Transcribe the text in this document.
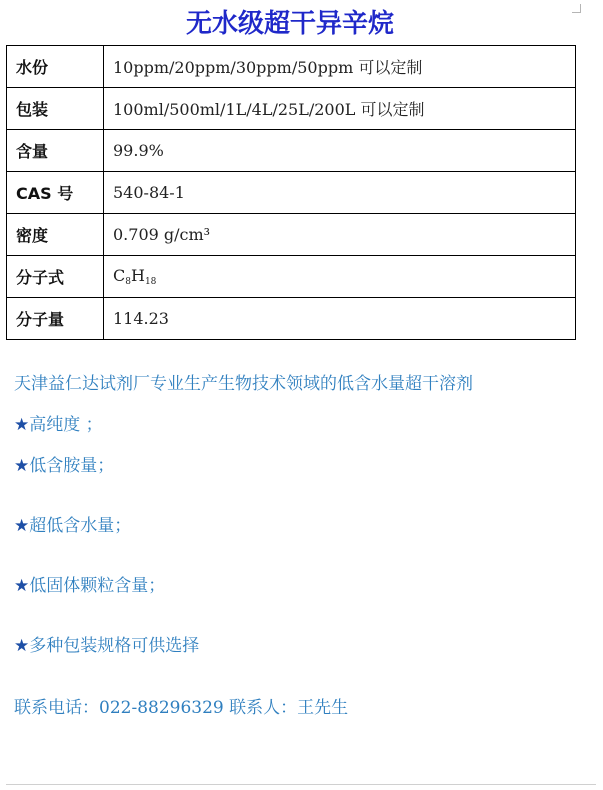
无水级超干异辛烷
水份	10ppm/20ppm/30ppm/50ppm 可以定制
包装	100ml/500ml/1L/4L/25L/200L 可以定制
含量	99.9%
CAS 号	540-84-1
密度	0.709 g/cm³
分子式	$C_8H_{18}$
分子量	114.23

天津益仁达试剂厂专业生产生物技术领域的低含水量超干溶剂

★高纯度 ；
★低含胺量；
★超低含水量；
★低固体颗粒含量；
★多种包装规格可供选择

联系电话：022-88296329 联系人：王先生
